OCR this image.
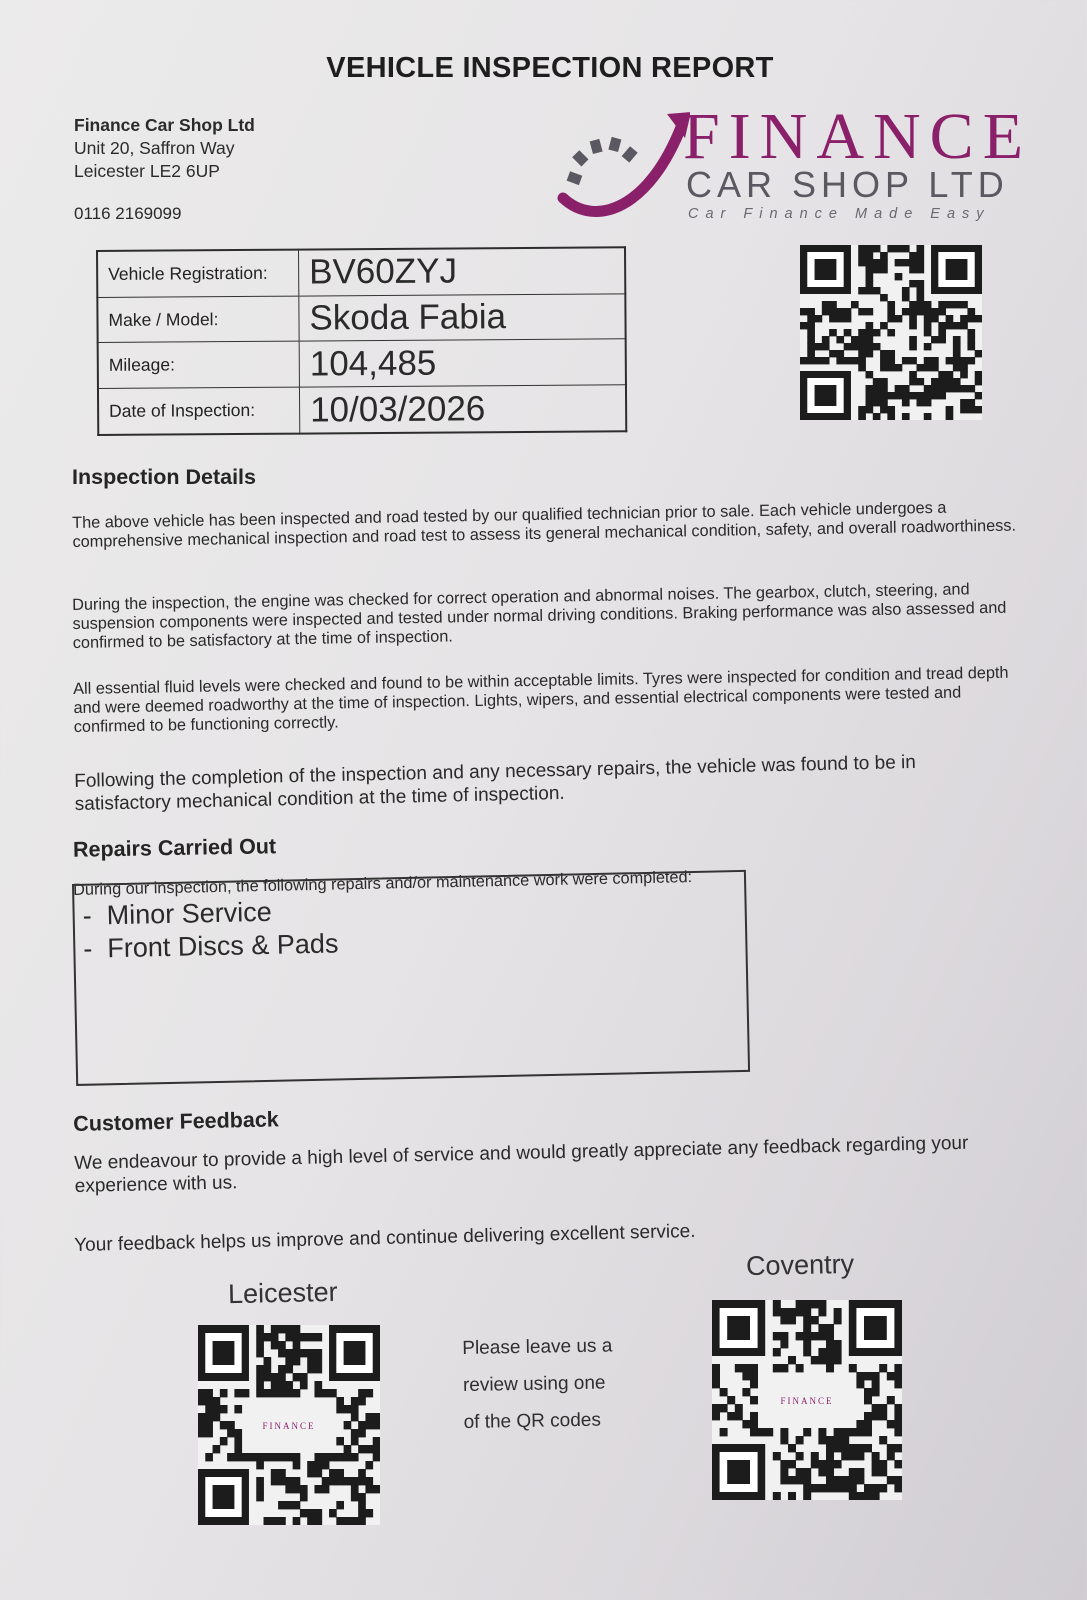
VEHICLE INSPECTION REPORT
Finance Car Shop Ltd
Unit 20, Saffron Way
Leicester LE2 6UP
0116 2169099
FINANCE
CAR SHOP LTD
Car Finance Made Easy
Vehicle Registration:	BV60ZYJ
Make / Model:	Skoda Fabia
Mileage:	104,485
Date of Inspection:	10/03/2026
FINANCE
FINANCE
Inspection Details
The above vehicle has been inspected and road tested by our qualified technician prior to sale. Each vehicle undergoes a comprehensive mechanical inspection and road test to assess its general mechanical condition, safety, and overall roadworthiness.
During the inspection, the engine was checked for correct operation and abnormal noises. The gearbox, clutch, steering, and suspension components were inspected and tested under normal driving conditions. Braking performance was also assessed and confirmed to be satisfactory at the time of inspection.
All essential fluid levels were checked and found to be within acceptable limits. Tyres were inspected for condition and tread depth and were deemed roadworthy at the time of inspection. Lights, wipers, and essential electrical components were tested and confirmed to be functioning correctly.
Following the completion of the inspection and any necessary repairs, the vehicle was found to be in satisfactory mechanical condition at the time of inspection.
Repairs Carried Out
During our inspection, the following repairs and/or maintenance work were completed:
- Minor Service
- Front Discs & Pads
Customer Feedback
We endeavour to provide a high level of service and would greatly appreciate any feedback regarding your experience with us.
Your feedback helps us improve and continue delivering excellent service.
Leicester
Coventry
Please leave us a
review using one
of the QR codes
